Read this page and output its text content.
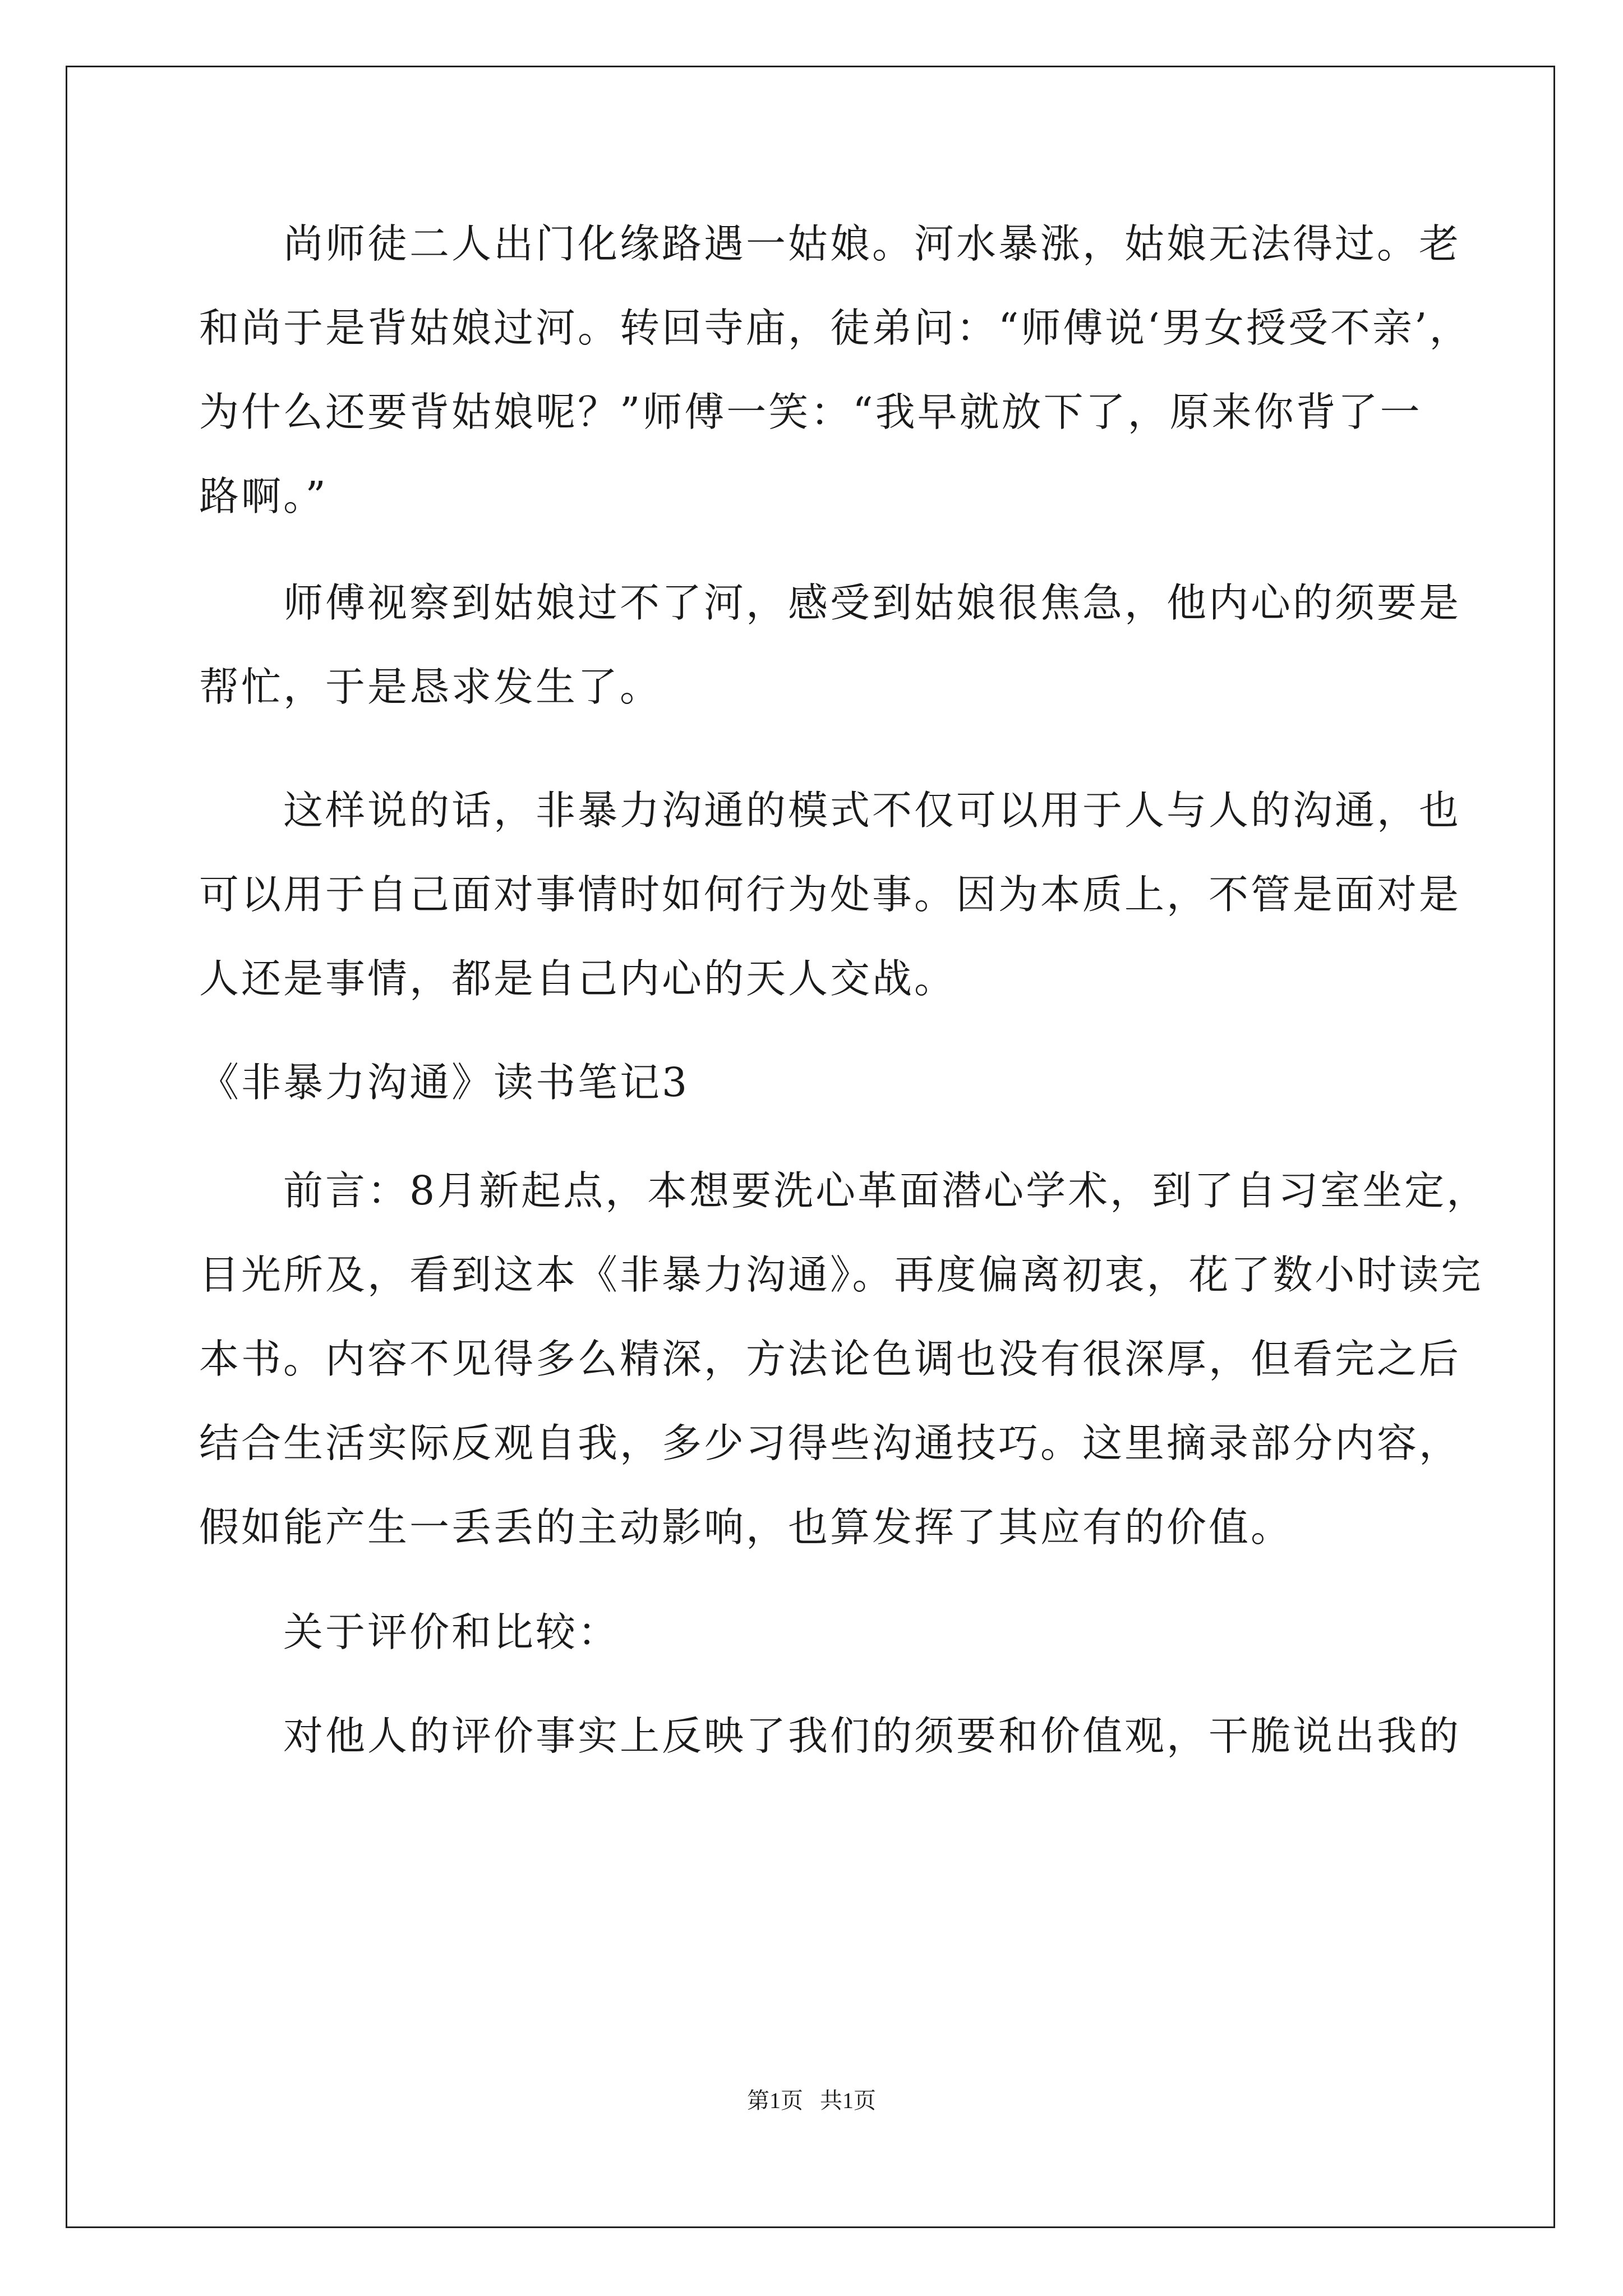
尚师徒二人出门化缘路遇一姑娘。河水暴涨，姑娘无法得过。老
和尚于是背姑娘过河。转回寺庙，徒弟问：“师傅说‘男女授受不亲’，
为什么还要背姑娘呢？”师傅一笑：“我早就放下了，原来你背了一
路啊。”
师傅视察到姑娘过不了河，感受到姑娘很焦急，他内心的须要是
帮忙，于是恳求发生了。
这样说的话，非暴力沟通的模式不仅可以用于人与人的沟通，也
可以用于自己面对事情时如何行为处事。因为本质上，不管是面对是
人还是事情，都是自己内心的天人交战。
《非暴力沟通》读书笔记3
前言：8月新起点，本想要洗心革面潜心学术，到了自习室坐定，
目光所及，看到这本《非暴力沟通》。再度偏离初衷，花了数小时读完
本书。内容不见得多么精深，方法论色调也没有很深厚，但看完之后
结合生活实际反观自我，多少习得些沟通技巧。这里摘录部分内容，
假如能产生一丢丢的主动影响，也算发挥了其应有的价值。
关于评价和比较：
对他人的评价事实上反映了我们的须要和价值观，干脆说出我的
第1页   共1页
